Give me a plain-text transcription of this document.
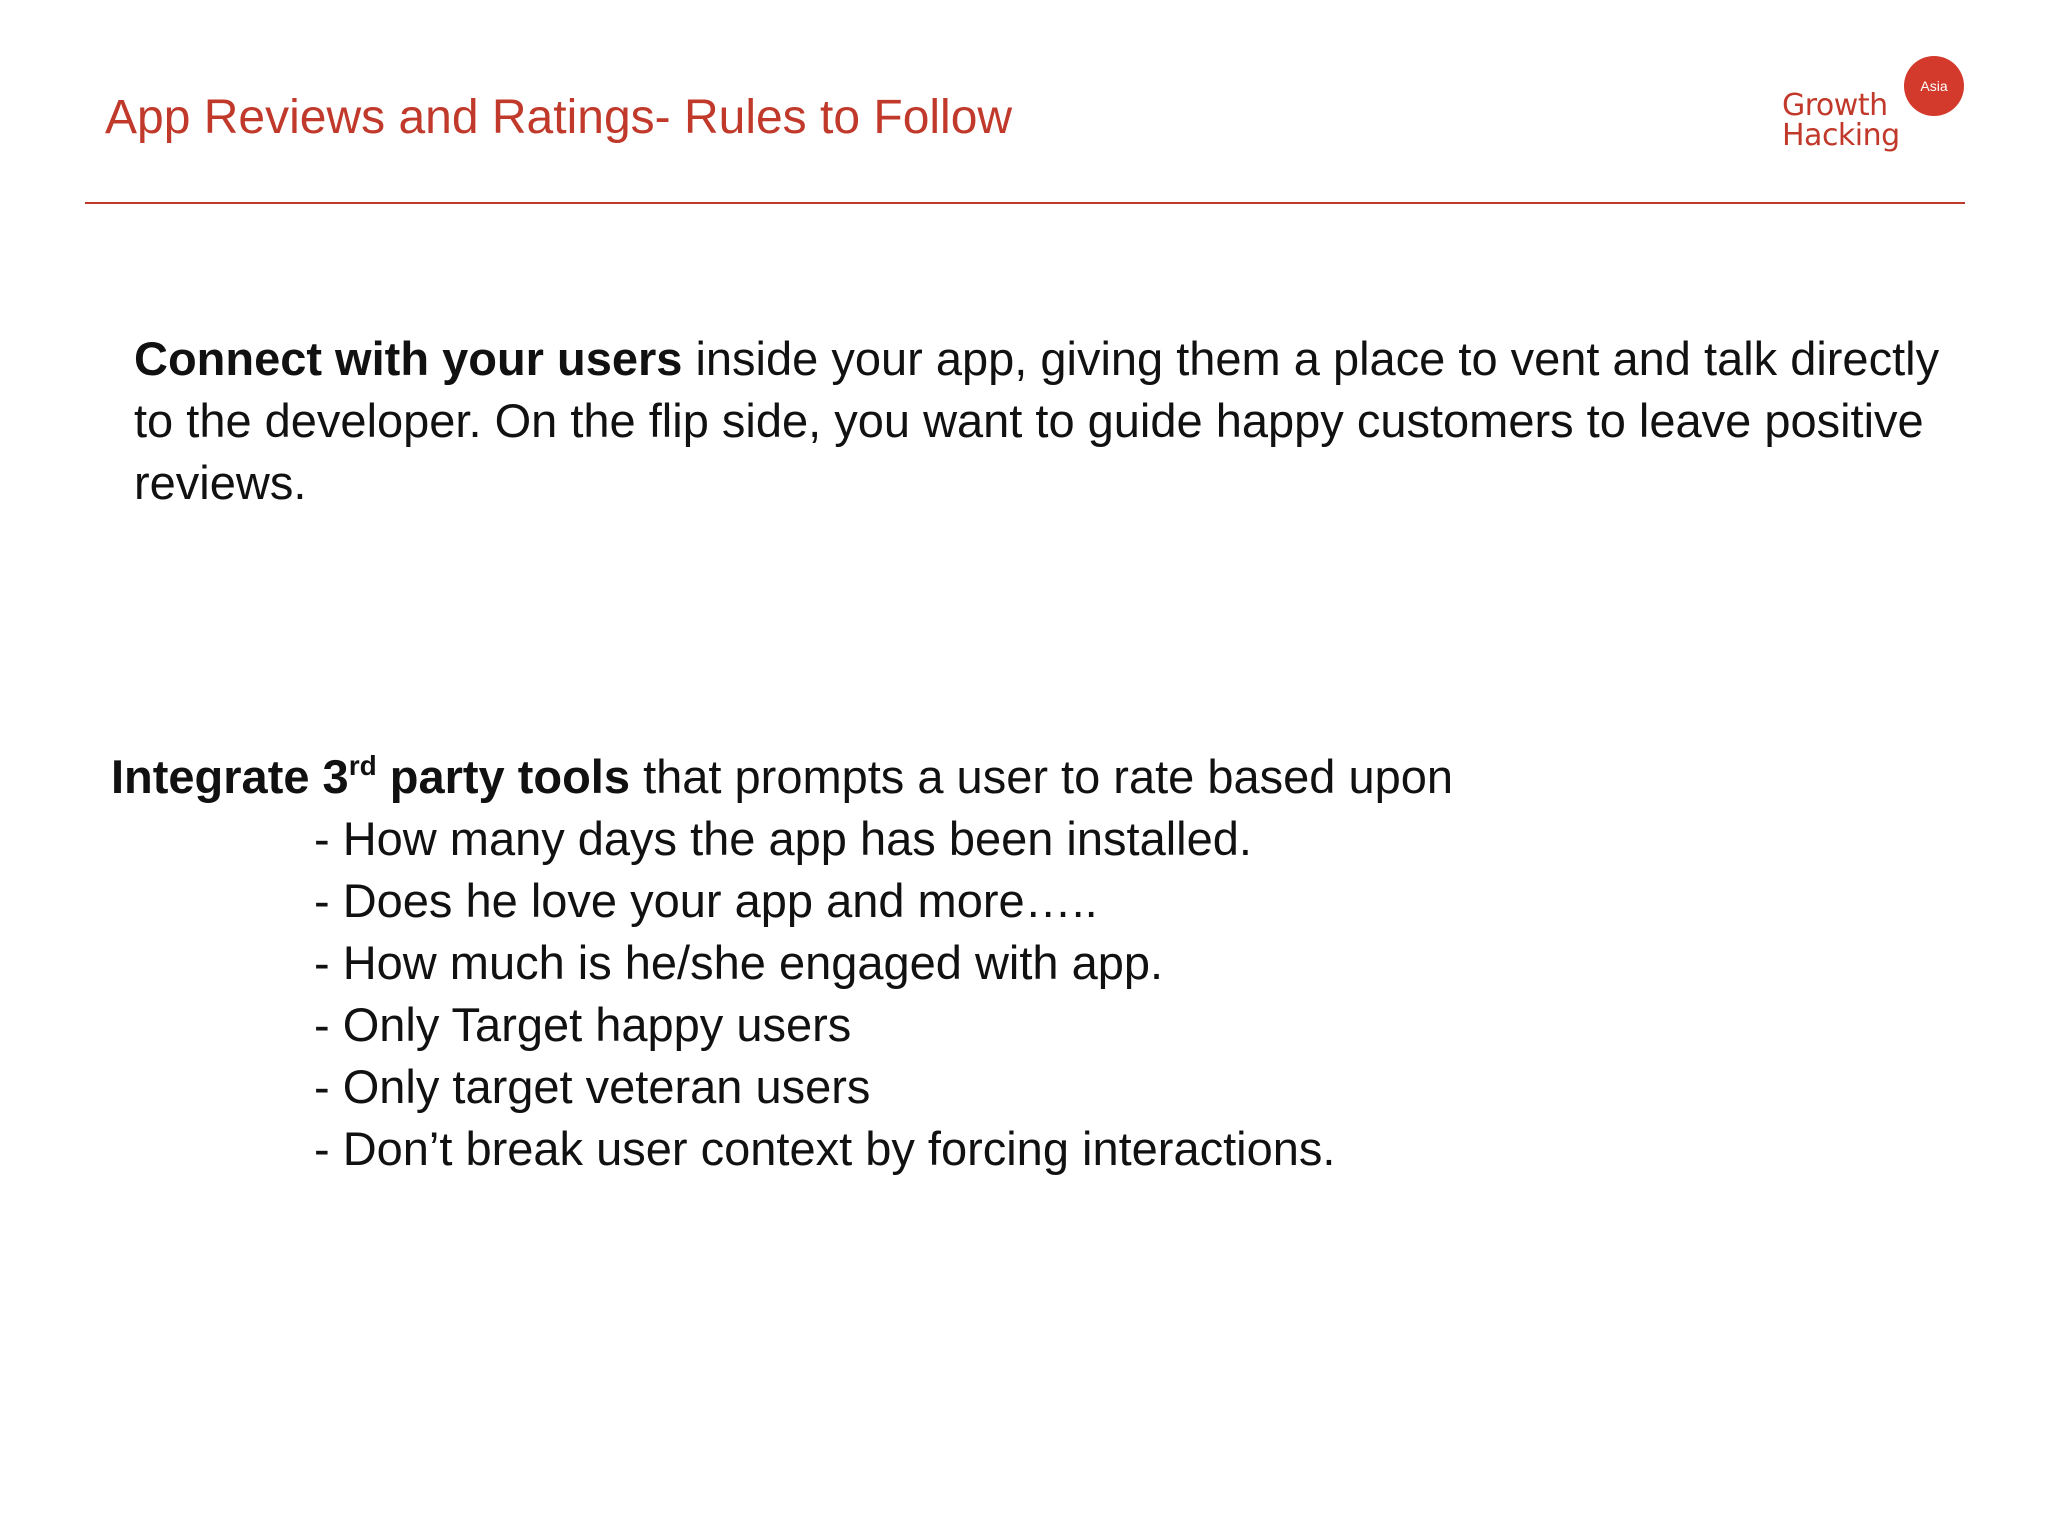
App Reviews and Ratings- Rules to Follow
Asia
Growth
Hacking
Connect with your users inside your app, giving them a place to vent and talk directly to the developer. On the flip side, you want to guide happy customers to leave positive reviews.
Integrate 3rd party tools that prompts a user to rate based upon
- How many days the app has been installed.
- Does he love your app and more…..
- How much is he/she engaged with app.
- Only Target happy users
- Only target veteran users
- Don’t break user context by forcing interactions.
